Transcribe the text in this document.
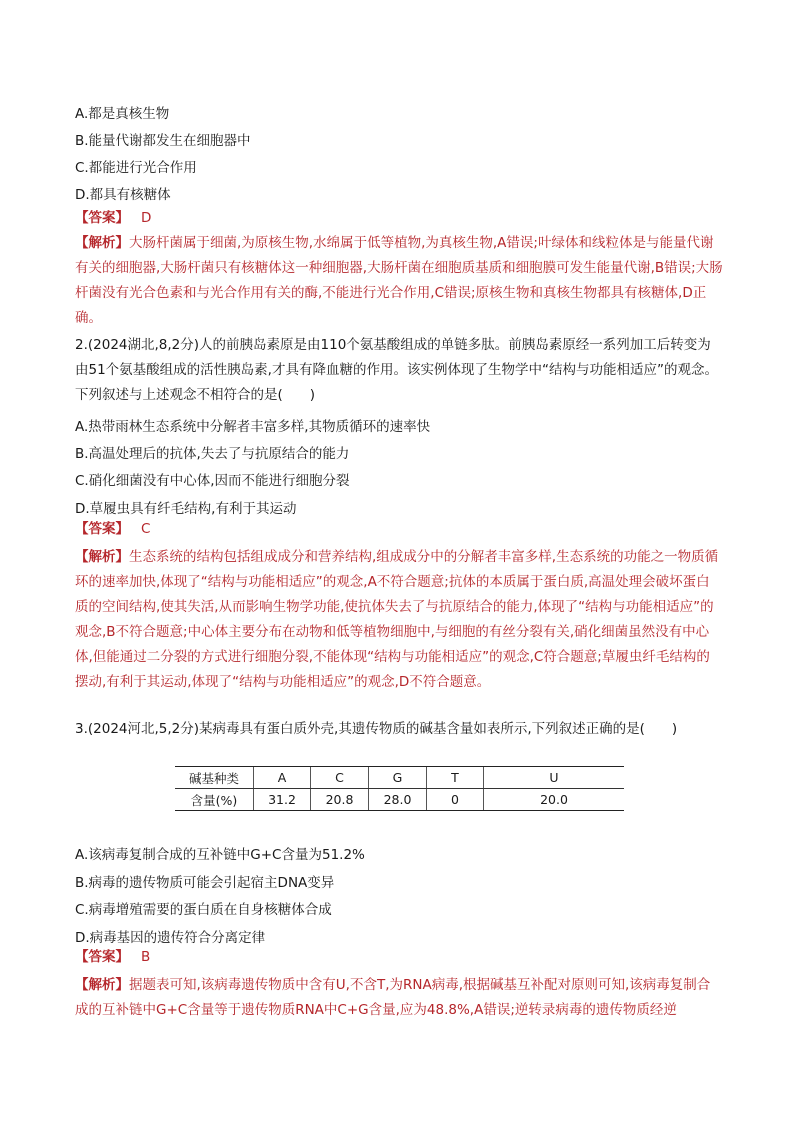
A.都是真核生物
B.能量代谢都发生在细胞器中
C.都能进行光合作用
D.都具有核糖体
【答案】 D
【解析】大肠杆菌属于细菌,为原核生物,水绵属于低等植物,为真核生物,A错误;叶绿体和线粒体是与能量代谢有关的细胞器,大肠杆菌只有核糖体这一种细胞器,大肠杆菌在细胞质基质和细胞膜可发生能量代谢,B错误;大肠杆菌没有光合色素和与光合作用有关的酶,不能进行光合作用,C错误;原核生物和真核生物都具有核糖体,D正确。
2.(2024湖北,8,2分)人的前胰岛素原是由110个氨基酸组成的单链多肽。前胰岛素原经一系列加工后转变为由51个氨基酸组成的活性胰岛素,才具有降血糖的作用。该实例体现了生物学中“结构与功能相适应”的观念。下列叙述与上述观念不相符合的是(　　)
A.热带雨林生态系统中分解者丰富多样,其物质循环的速率快
B.高温处理后的抗体,失去了与抗原结合的能力
C.硝化细菌没有中心体,因而不能进行细胞分裂
D.草履虫具有纤毛结构,有利于其运动
【答案】 C
【解析】生态系统的结构包括组成成分和营养结构,组成成分中的分解者丰富多样,生态系统的功能之一物质循环的速率加快,体现了“结构与功能相适应”的观念,A不符合题意;抗体的本质属于蛋白质,高温处理会破坏蛋白质的空间结构,使其失活,从而影响生物学功能,使抗体失去了与抗原结合的能力,体现了“结构与功能相适应”的观念,B不符合题意;中心体主要分布在动物和低等植物细胞中,与细胞的有丝分裂有关,硝化细菌虽然没有中心体,但能通过二分裂的方式进行细胞分裂,不能体现“结构与功能相适应”的观念,C符合题意;草履虫纤毛结构的摆动,有利于其运动,体现了“结构与功能相适应”的观念,D不符合题意。
3.(2024河北,5,2分)某病毒具有蛋白质外壳,其遗传物质的碱基含量如表所示,下列叙述正确的是(　　)
碱基种类	A	C	G	T	U
含量(%)	31.2	20.8	28.0	0	20.0
A.该病毒复制合成的互补链中G+C含量为51.2%
B.病毒的遗传物质可能会引起宿主DNA变异
C.病毒增殖需要的蛋白质在自身核糖体合成
D.病毒基因的遗传符合分离定律
【答案】 B
【解析】据题表可知,该病毒遗传物质中含有U,不含T,为RNA病毒,根据碱基互补配对原则可知,该病毒复制合成的互补链中G+C含量等于遗传物质RNA中C+G含量,应为48.8%,A错误;逆转录病毒的遗传物质经逆
